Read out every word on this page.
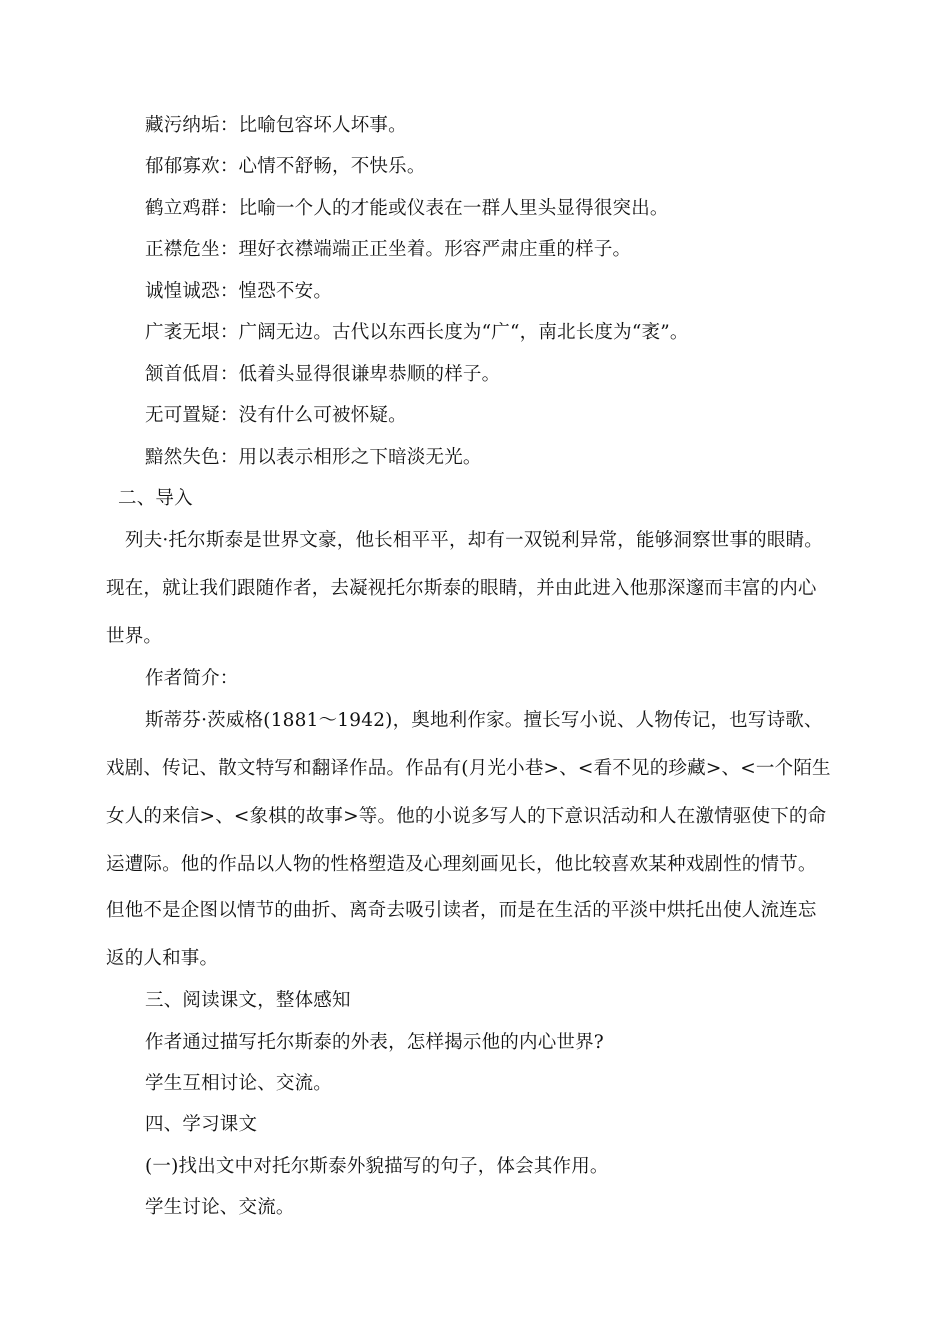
藏污纳垢：比喻包容坏人坏事。
郁郁寡欢：心情不舒畅，不快乐。
鹤立鸡群：比喻一个人的才能或仪表在一群人里头显得很突出。
正襟危坐：理好衣襟端端正正坐着。形容严肃庄重的样子。
诚惶诚恐：惶恐不安。
广袤无垠：广阔无边。古代以东西长度为“广“，南北长度为“袤”。
颔首低眉：低着头显得很谦卑恭顺的样子。
无可置疑：没有什么可被怀疑。
黯然失色：用以表示相形之下暗淡无光。
二、导入
列夫·托尔斯泰是世界文豪，他长相平平，却有一双锐利异常，能够洞察世事的眼睛。
现在，就让我们跟随作者，去凝视托尔斯泰的眼睛，并由此进入他那深邃而丰富的内心
世界。
作者简介：
斯蒂芬·茨威格(1881～1942)，奥地利作家。擅长写小说、人物传记，也写诗歌、
戏剧、传记、散文特写和翻译作品。作品有(月光小巷>、<看不见的珍藏>、<一个陌生
女人的来信>、<象棋的故事>等。他的小说多写人的下意识活动和人在激情驱使下的命
运遭际。他的作品以人物的性格塑造及心理刻画见长，他比较喜欢某种戏剧性的情节。
但他不是企图以情节的曲折、离奇去吸引读者，而是在生活的平淡中烘托出使人流连忘
返的人和事。
三、阅读课文，整体感知
作者通过描写托尔斯泰的外表，怎样揭示他的内心世界?
学生互相讨论、交流。
四、学习课文
(一)找出文中对托尔斯泰外貌描写的句子，体会其作用。
学生讨论、交流。
